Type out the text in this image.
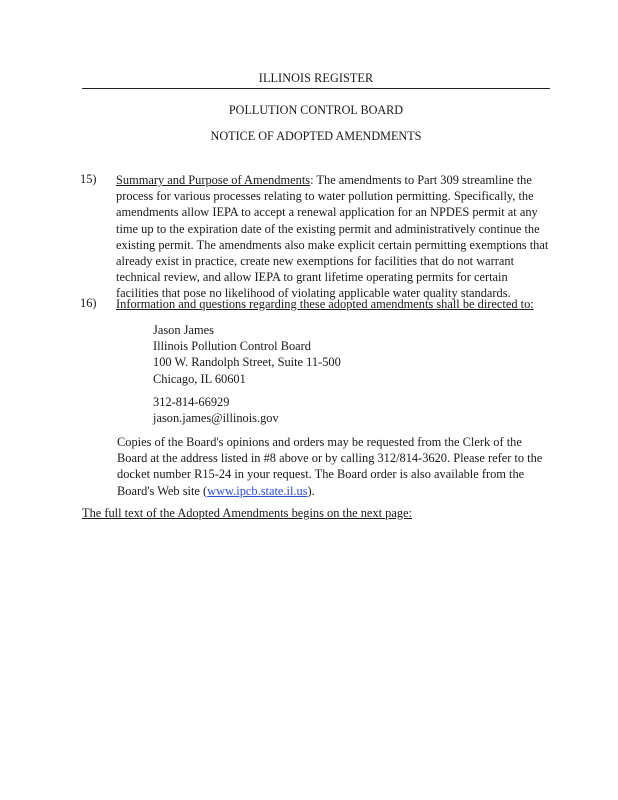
ILLINOIS REGISTER
POLLUTION CONTROL BOARD
NOTICE OF ADOPTED AMENDMENTS
15)	Summary and Purpose of Amendments: The amendments to Part 309 streamline the process for various processes relating to water pollution permitting. Specifically, the amendments allow IEPA to accept a renewal application for an NPDES permit at any time up to the expiration date of the existing permit and administratively continue the existing permit. The amendments also make explicit certain permitting exemptions that already exist in practice, create new exemptions for facilities that do not warrant technical review, and allow IEPA to grant lifetime operating permits for certain facilities that pose no likelihood of violating applicable water quality standards.
16)	Information and questions regarding these adopted amendments shall be directed to:
Jason James
Illinois Pollution Control Board
100 W. Randolph Street, Suite 11-500
Chicago, IL 60601
312-814-66929
jason.james@illinois.gov
Copies of the Board's opinions and orders may be requested from the Clerk of the Board at the address listed in #8 above or by calling 312/814-3620. Please refer to the docket number R15-24 in your request. The Board order is also available from the Board's Web site (www.ipcb.state.il.us).
The full text of the Adopted Amendments begins on the next page:
